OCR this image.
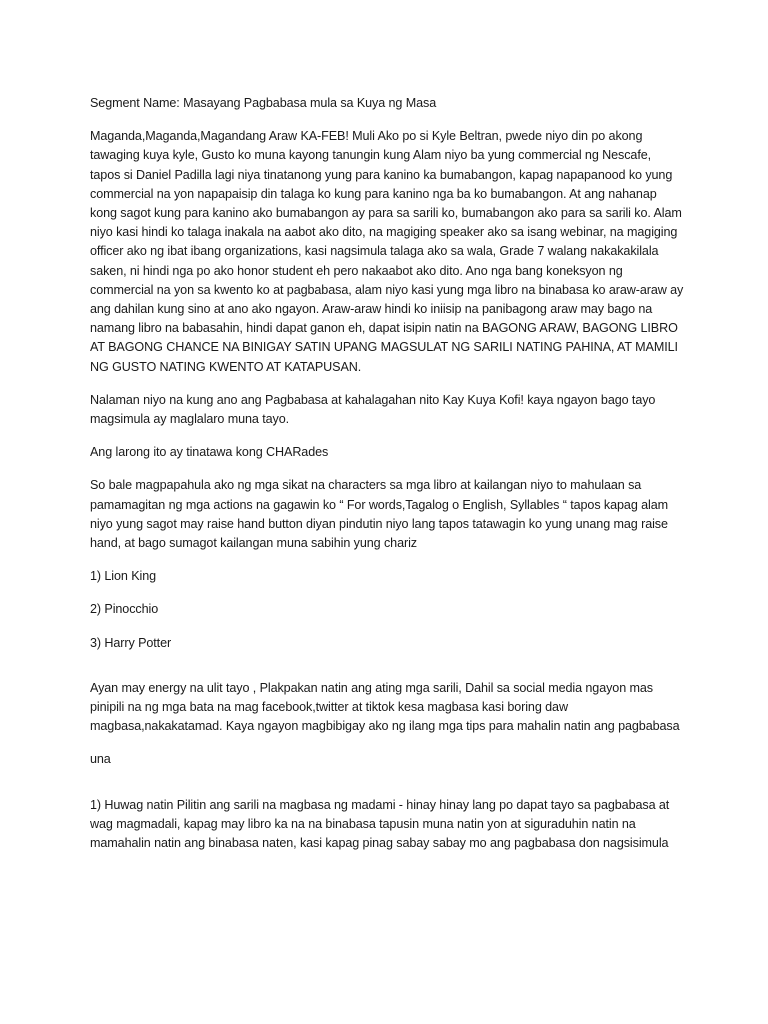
Segment Name: Masayang Pagbabasa mula sa Kuya ng Masa

Maganda,Maganda,Magandang Araw KA-FEB! Muli Ako po si Kyle Beltran, pwede niyo din po akong tawaging kuya kyle, Gusto ko muna kayong tanungin kung Alam niyo ba yung commercial ng Nescafe, tapos si Daniel Padilla lagi niya tinatanong yung para kanino ka bumabangon, kapag napapanood ko yung commercial na yon napapaisip din talaga ko kung para kanino nga ba ko bumabangon. At ang nahanap kong sagot kung para kanino ako bumabangon ay para sa sarili ko, bumabangon ako para sa sarili ko. Alam niyo kasi hindi ko talaga inakala na aabot ako dito, na magiging speaker ako sa isang webinar, na magiging officer ako ng ibat ibang organizations, kasi nagsimula talaga ako sa wala, Grade 7 walang nakakakilala saken, ni hindi nga po ako honor student eh pero nakaabot ako dito. Ano nga bang koneksyon ng commercial na yon sa kwento ko at pagbabasa, alam niyo kasi yung mga libro na binabasa ko araw-araw ay ang dahilan kung sino at ano ako ngayon. Araw-araw hindi ko iniisip na panibagong araw may bago na namang libro na babasahin, hindi dapat ganon eh, dapat isipin natin na BAGONG ARAW, BAGONG LIBRO AT BAGONG CHANCE NA BINIGAY SATIN UPANG MAGSULAT NG SARILI NATING PAHINA, AT MAMILI NG GUSTO NATING KWENTO AT KATAPUSAN.

Nalaman niyo na kung ano ang Pagbabasa at kahalagahan nito Kay Kuya Kofi! kaya ngayon bago tayo magsimula ay maglalaro muna tayo.

Ang larong ito ay tinatawa kong CHARades

So bale magpapahula ako ng mga sikat na characters sa mga libro at kailangan niyo to mahulaan sa pamamagitan ng mga actions na gagawin ko “ For words,Tagalog o English, Syllables “ tapos kapag alam niyo yung sagot may raise hand button diyan pindutin niyo lang tapos tatawagin ko yung unang mag raise hand, at bago sumagot kailangan muna sabihin yung chariz

1) Lion King

2) Pinocchio

3) Harry Potter

Ayan may energy na ulit tayo , Plakpakan natin ang ating mga sarili, Dahil sa social media ngayon mas pinipili na ng mga bata na mag facebook,twitter at tiktok kesa magbasa kasi boring daw magbasa,nakakatamad. Kaya ngayon magbibigay ako ng ilang mga tips para mahalin natin ang pagbabasa

una

1) Huwag natin Pilitin ang sarili na magbasa ng madami - hinay hinay lang po dapat tayo sa pagbabasa at wag magmadali, kapag may libro ka na na binabasa tapusin muna natin yon at siguraduhin natin na mamahalin natin ang binabasa naten, kasi kapag pinag sabay sabay mo ang pagbabasa don nagsisimula
